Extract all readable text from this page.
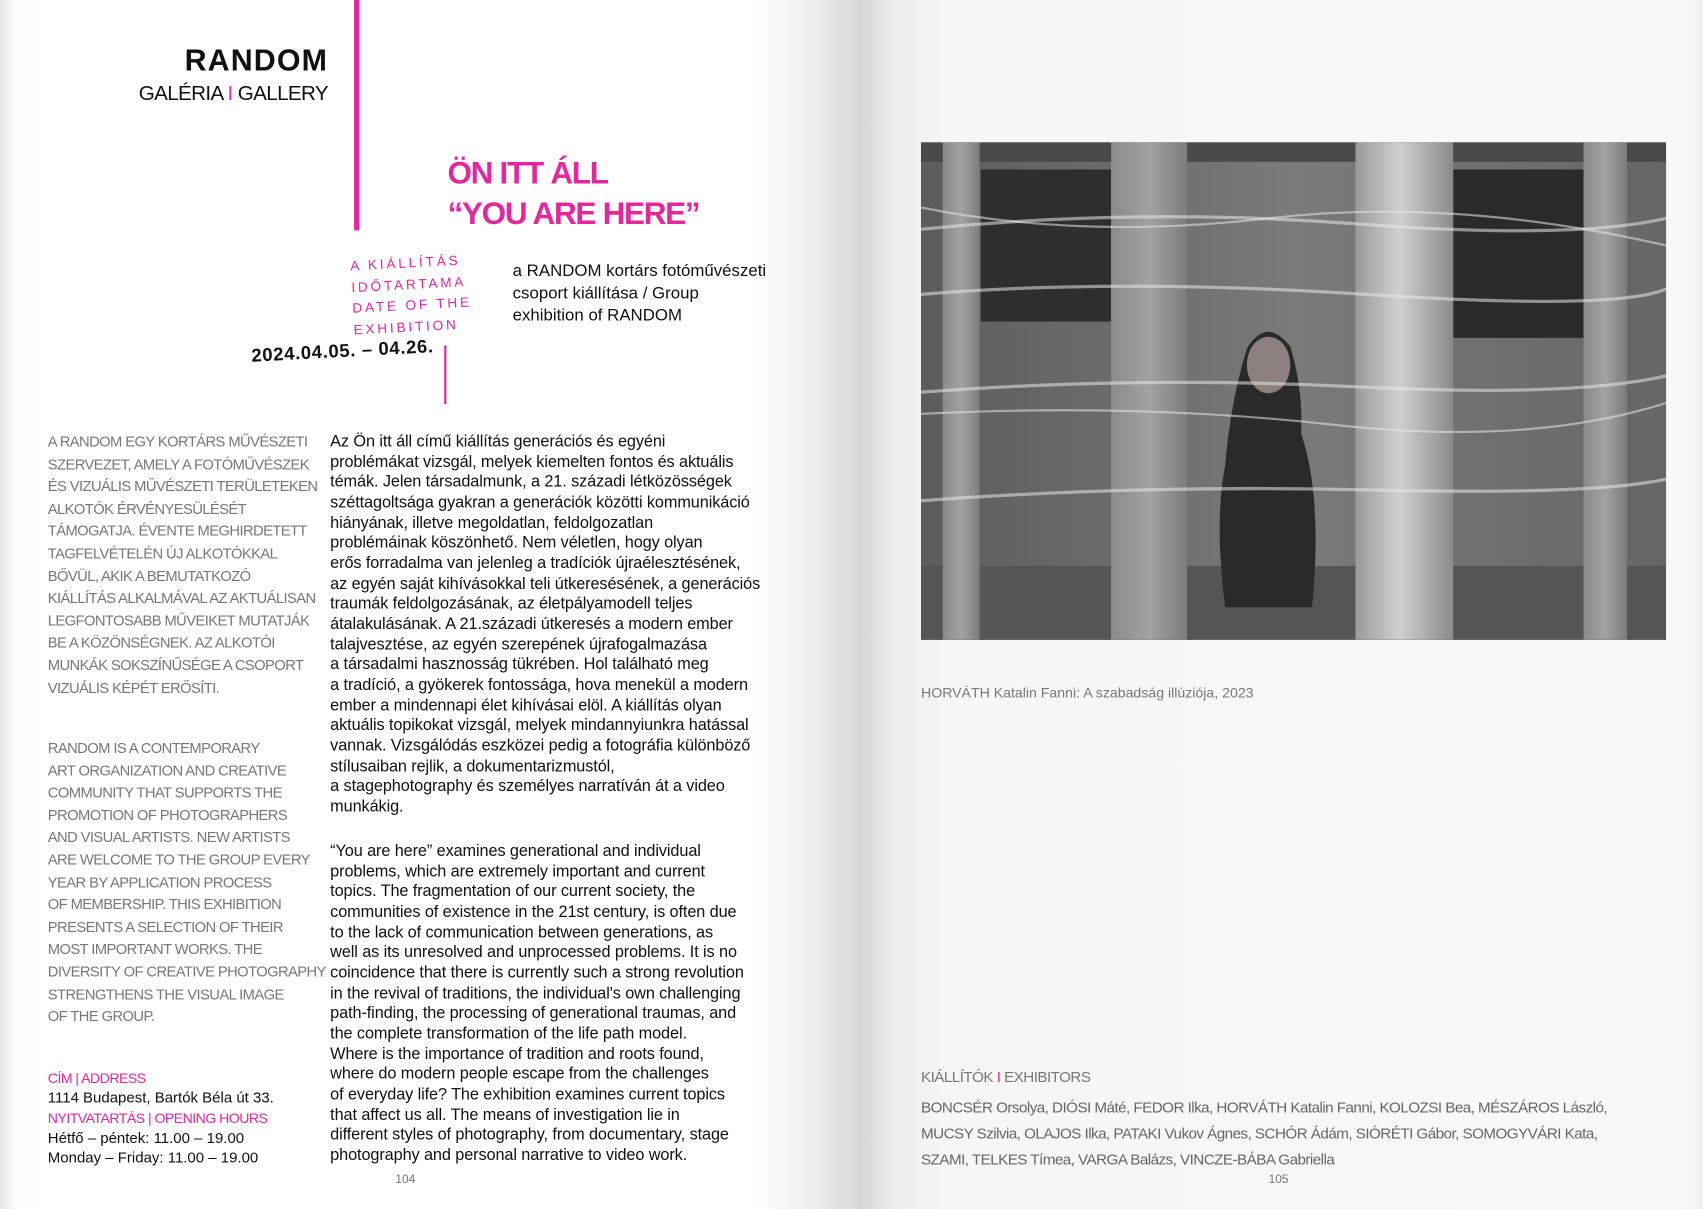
RANDOM
GALÉRIA I GALLERY
ÖN ITT ÁLL
“YOU ARE HERE”
A KIÁLLÍTÁS
IDŐTARTAMA
DATE OF THE
EXHIBITION
2024.04.05. – 04.26.
a RANDOM kortárs fotóművészeti
csoport kiállítása / Group
exhibition of RANDOM
A RANDOM EGY KORTÁRS MŰVÉSZETI
SZERVEZET, AMELY A FOTÓMŰVÉSZEK
ÉS VIZUÁLIS MŰVÉSZETI TERÜLETEKEN
ALKOTÓK ÉRVÉNYESÜLÉSÉT
TÁMOGATJA. ÉVENTE MEGHIRDETETT
TAGFELVÉTELÉN ÚJ ALKOTÓKKAL
BŐVÜL, AKIK A BEMUTATKOZÓ
KIÁLLÍTÁS ALKALMÁVAL AZ AKTUÁLISAN
LEGFONTOSABB MŰVEIKET MUTATJÁK
BE A KÖZÖNSÉGNEK. AZ ALKOTÓI
MUNKÁK SOKSZÍNŰSÉGE A CSOPORT
VIZUÁLIS KÉPÉT ERŐSÍTI.
RANDOM IS A CONTEMPORARY
ART ORGANIZATION AND CREATIVE
COMMUNITY THAT SUPPORTS THE
PROMOTION OF PHOTOGRAPHERS
AND VISUAL ARTISTS. NEW ARTISTS
ARE WELCOME TO THE GROUP EVERY
YEAR BY APPLICATION PROCESS
OF MEMBERSHIP. THIS EXHIBITION
PRESENTS A SELECTION OF THEIR
MOST IMPORTANT WORKS. THE
DIVERSITY OF CREATIVE PHOTOGRAPHY
STRENGTHENS THE VISUAL IMAGE
OF THE GROUP.
CÍM | ADDRESS
1114 Budapest, Bartók Béla út 33.
NYITVATARTÁS | OPENING HOURS
Hétfő – péntek: 11.00 – 19.00
Monday – Friday: 11.00 – 19.00
Az Ön itt áll című kiállítás generációs és egyéni
problémákat vizsgál, melyek kiemelten fontos és aktuális
témák. Jelen társadalmunk, a 21. századi létközösségek
széttagoltsága gyakran a generációk közötti kommunikáció
hiányának, illetve megoldatlan, feldolgozatlan
problémáinak köszönhető. Nem véletlen, hogy olyan
erős forradalma van jelenleg a tradíciók újraélesztésének,
az egyén saját kihívásokkal teli útkeresésének, a generációs
traumák feldolgozásának, az életpályamodell teljes
átalakulásának. A 21.századi útkeresés a modern ember
talajvesztése, az egyén szerepének újrafogalmazása
a társadalmi hasznosság tükrében. Hol található meg
a tradíció, a gyökerek fontossága, hova menekül a modern
ember a mindennapi élet kihívásai elöl. A kiállítás olyan
aktuális topikokat vizsgál, melyek mindannyiunkra hatással
vannak. Vizsgálódás eszközei pedig a fotográfia különböző
stílusaiban rejlik, a dokumentarizmustól,
a stagephotography és személyes narratíván át a video
munkákig.
“You are here” examines generational and individual
problems, which are extremely important and current
topics. The fragmentation of our current society, the
communities of existence in the 21st century, is often due
to the lack of communication between generations, as
well as its unresolved and unprocessed problems. It is no
coincidence that there is currently such a strong revolution
in the revival of traditions, the individual's own challenging
path-finding, the processing of generational traumas, and
the complete transformation of the life path model.
Where is the importance of tradition and roots found,
where do modern people escape from the challenges
of everyday life? The exhibition examines current topics
that affect us all. The means of investigation lie in
different styles of photography, from documentary, stage
photography and personal narrative to video work.
104
HORVÁTH Katalin Fanni: A szabadság illúziója, 2023
KIÁLLÍTÓK I EXHIBITORS
BONCSÉR Orsolya, DIÓSI Máté, FEDOR Ilka, HORVÁTH Katalin Fanni, KOLOZSI Bea, MÉSZÁROS László,
MUCSY Szilvia, OLAJOS Ilka, PATAKI Vukov Ágnes, SCHÓR Ádám, SIÓRÉTI Gábor, SOMOGYVÁRI Kata,
SZAMI, TELKES Tímea, VARGA Balázs, VINCZE-BÁBA Gabriella
105
